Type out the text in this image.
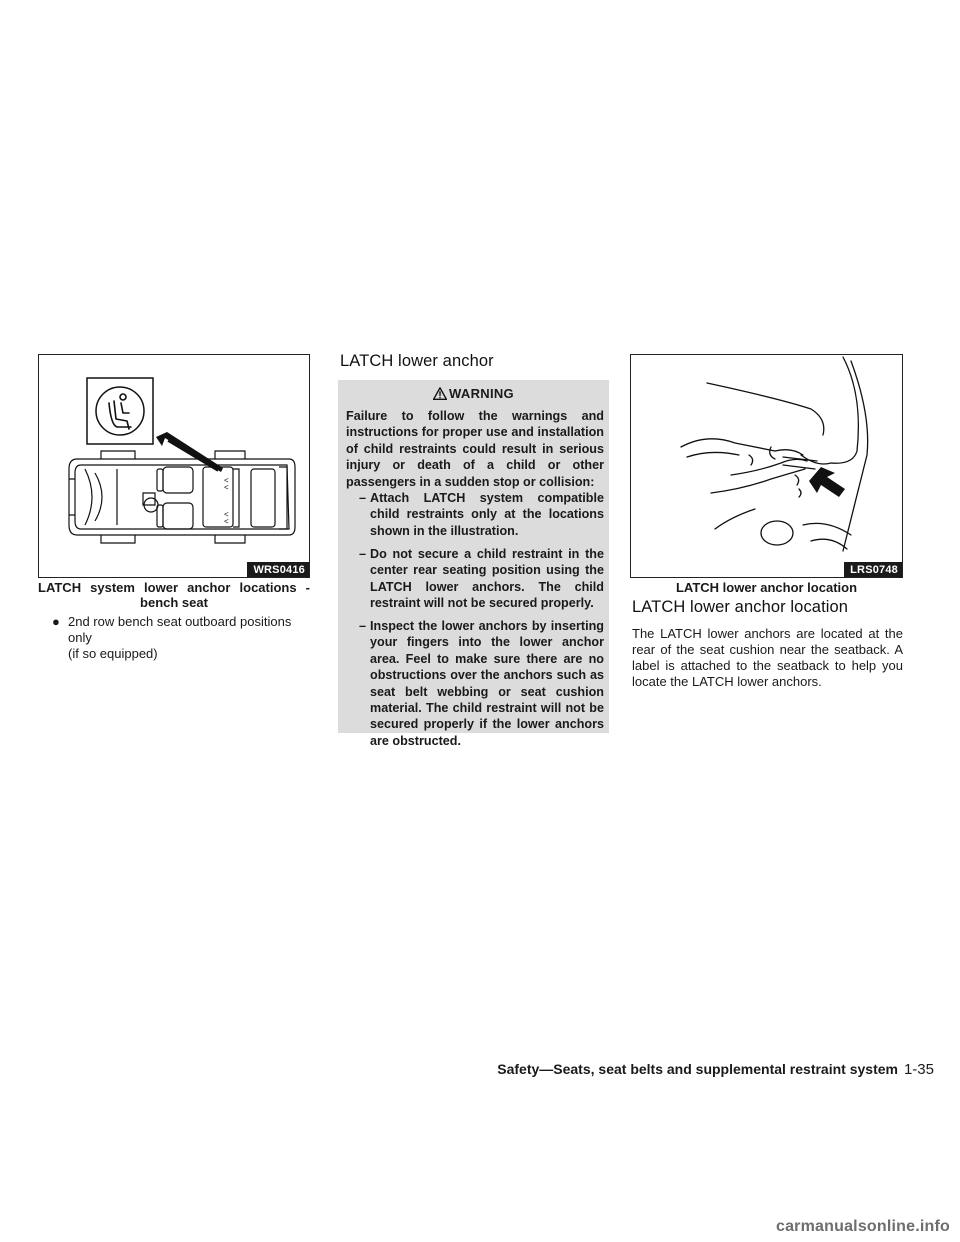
<
<
<
<
WRS0416
LATCH system lower anchor locations -
bench seat
● 2nd row bench seat outboard positions only
(if so equipped)
LATCH lower anchor
WARNING
Failure to follow the warnings and instructions for proper use and installation of child restraints could result in serious injury or death of a child or other passengers in a sudden stop or collision:
– Attach LATCH system compatible child restraints only at the locations shown in the illustration.
– Do not secure a child restraint in the center rear seating position using the LATCH lower anchors. The child restraint will not be secured properly.
– Inspect the lower anchors by inserting your fingers into the lower anchor area. Feel to make sure there are no obstructions over the anchors such as seat belt webbing or seat cushion material. The child restraint will not be secured properly if the lower anchors are obstructed.
LRS0748
LATCH lower anchor location
LATCH lower anchor location
The LATCH lower anchors are located at the rear of the seat cushion near the seatback. A label is attached to the seatback to help you locate the LATCH lower anchors.
Safety—Seats, seat belts and supplemental restraint system 1-35
carmanualsonline.info
